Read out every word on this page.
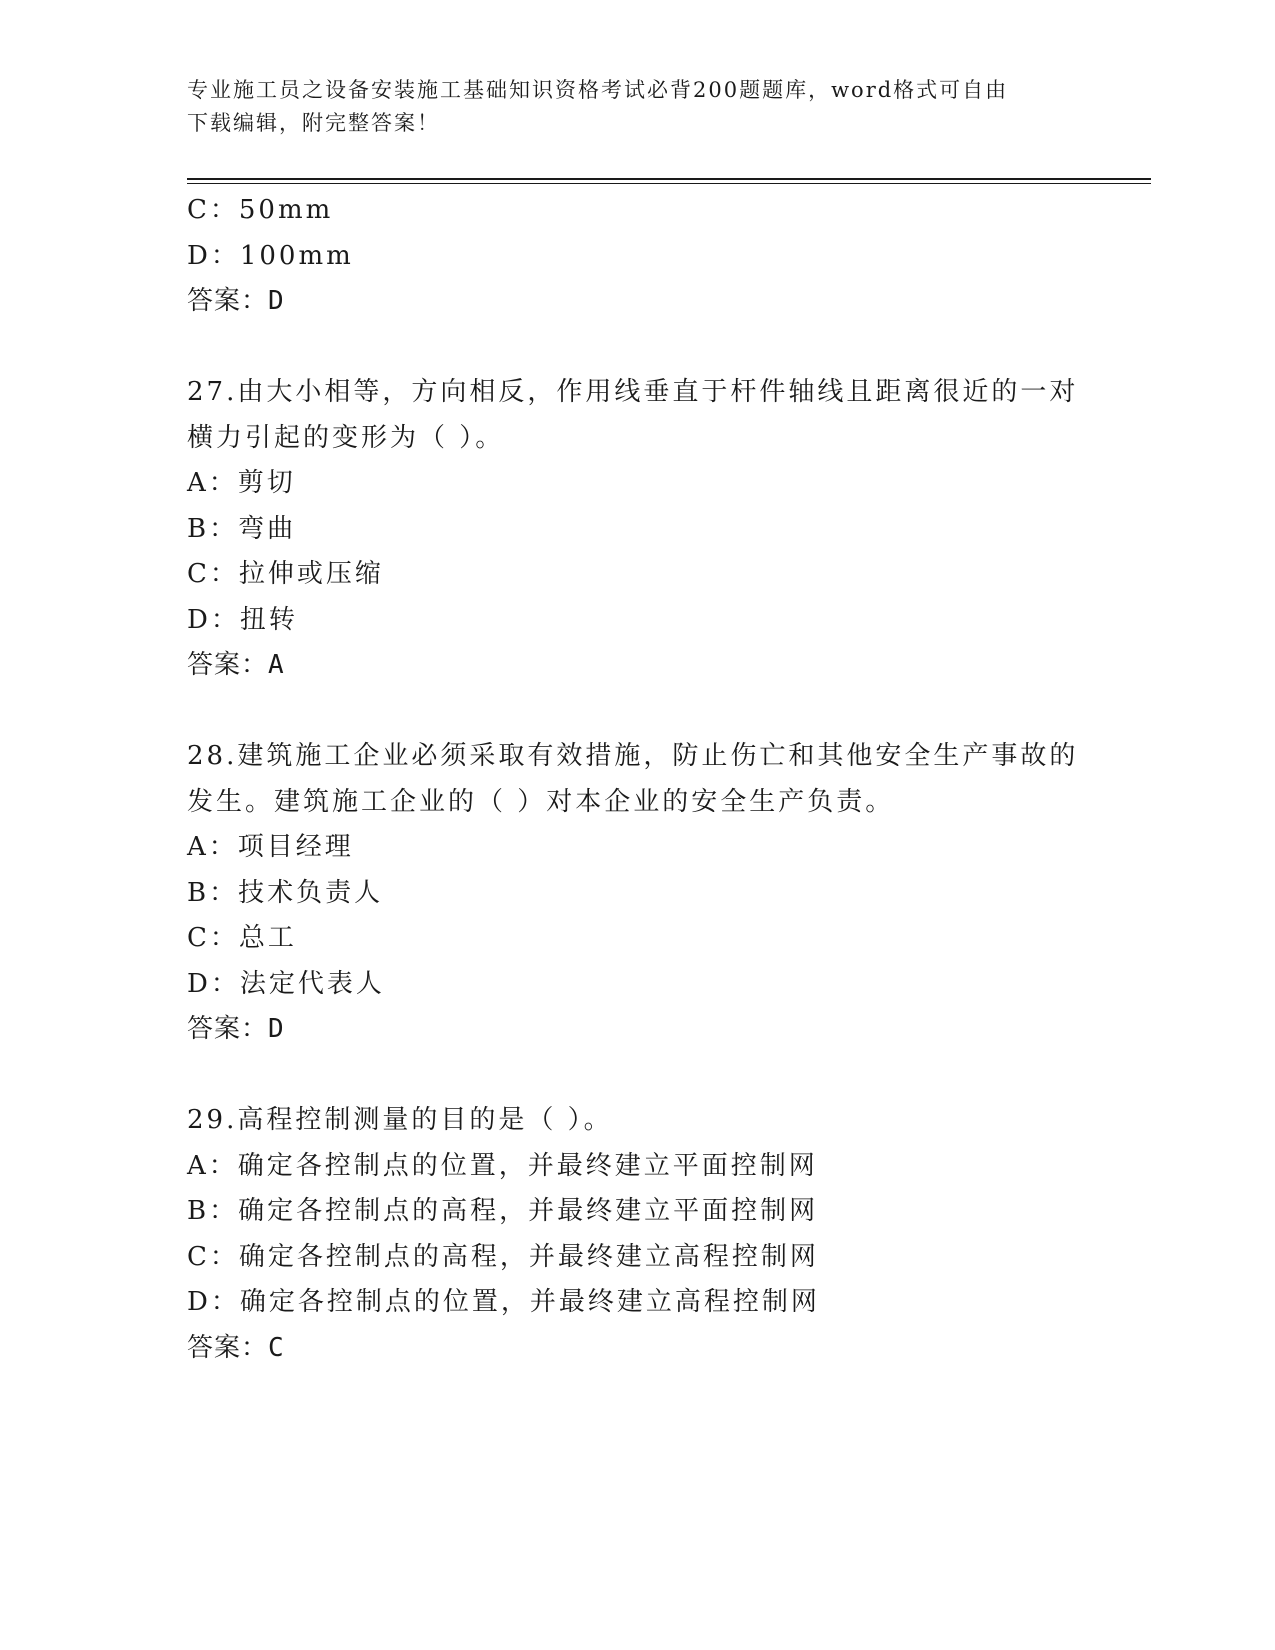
专业施工员之设备安装施工基础知识资格考试必背200题题库，word格式可自由
下载编辑，附完整答案！
C：50mm
D：100mm
答案：D
27.由大小相等，方向相反，作用线垂直于杆件轴线且距离很近的一对
横力引起的变形为（ ）。
A：剪切
B：弯曲
C：拉伸或压缩
D：扭转
答案：A
28.建筑施工企业必须采取有效措施，防止伤亡和其他安全生产事故的
发生。建筑施工企业的（ ）对本企业的安全生产负责。
A：项目经理
B：技术负责人
C：总工
D：法定代表人
答案：D
29.高程控制测量的目的是（ ）。
A：确定各控制点的位置，并最终建立平面控制网
B：确定各控制点的高程，并最终建立平面控制网
C：确定各控制点的高程，并最终建立高程控制网
D：确定各控制点的位置，并最终建立高程控制网
答案：C
